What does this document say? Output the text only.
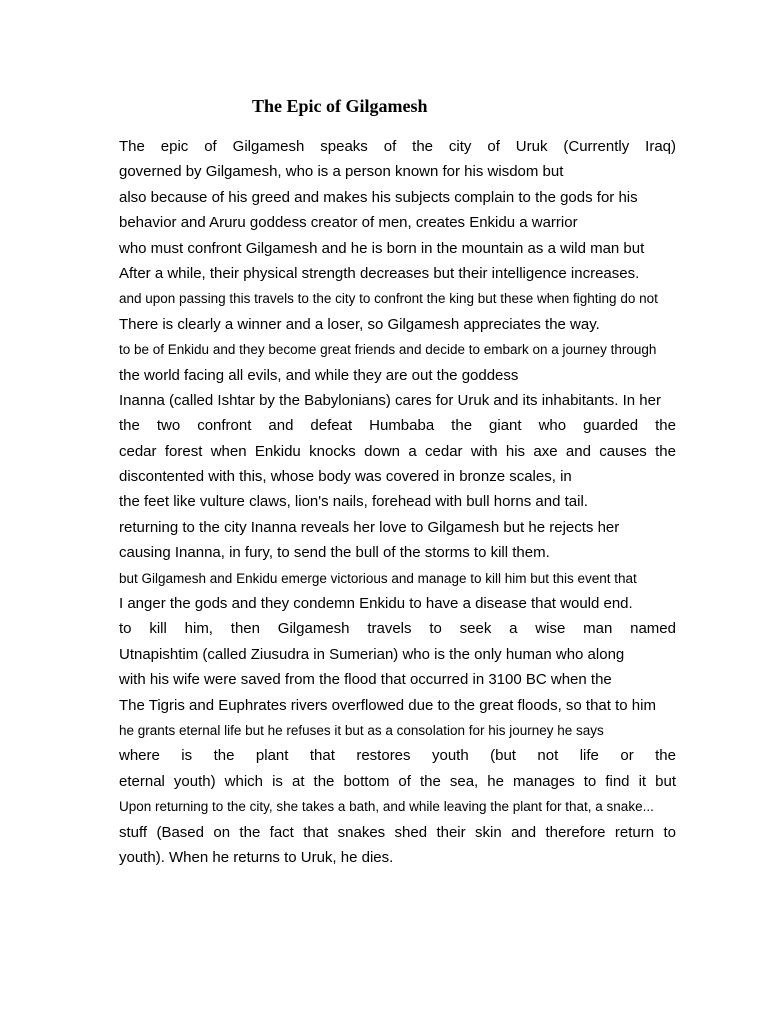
The Epic of Gilgamesh
The epic of Gilgamesh speaks of the city of Uruk (Currently Iraq)
governed by Gilgamesh, who is a person known for his wisdom but
also because of his greed and makes his subjects complain to the gods for his
behavior and Aruru goddess creator of men, creates Enkidu a warrior
who must confront Gilgamesh and he is born in the mountain as a wild man but
After a while, their physical strength decreases but their intelligence increases.
and upon passing this travels to the city to confront the king but these when fighting do not
There is clearly a winner and a loser, so Gilgamesh appreciates the way.
to be of Enkidu and they become great friends and decide to embark on a journey through
the world facing all evils, and while they are out the goddess
Inanna (called Ishtar by the Babylonians) cares for Uruk and its inhabitants. In her
the two confront and defeat Humbaba the giant who guarded the
cedar forest when Enkidu knocks down a cedar with his axe and causes the
discontented with this, whose body was covered in bronze scales, in
the feet like vulture claws, lion's nails, forehead with bull horns and tail.
returning to the city Inanna reveals her love to Gilgamesh but he rejects her
causing Inanna, in fury, to send the bull of the storms to kill them.
but Gilgamesh and Enkidu emerge victorious and manage to kill him but this event that
I anger the gods and they condemn Enkidu to have a disease that would end.
to kill him, then Gilgamesh travels to seek a wise man named
Utnapishtim (called Ziusudra in Sumerian) who is the only human who along
with his wife were saved from the flood that occurred in 3100 BC when the
The Tigris and Euphrates rivers overflowed due to the great floods, so that to him
he grants eternal life but he refuses it but as a consolation for his journey he says
where is the plant that restores youth (but not life or the
eternal youth) which is at the bottom of the sea, he manages to find it but
Upon returning to the city, she takes a bath, and while leaving the plant for that, a snake...
stuff (Based on the fact that snakes shed their skin and therefore return to
youth). When he returns to Uruk, he dies.
